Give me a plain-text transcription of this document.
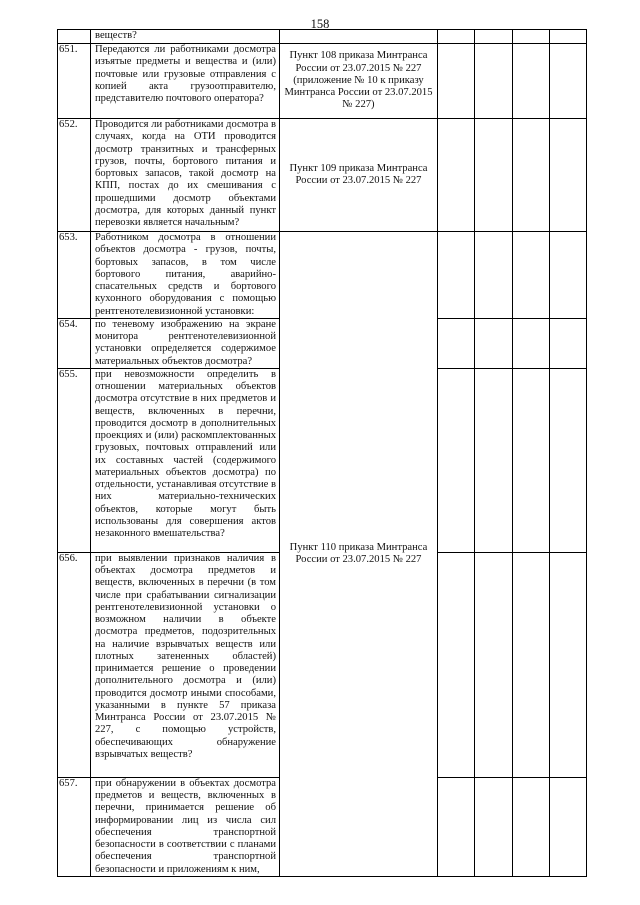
158

	веществ?					

651.	Передаются ли работниками досмотра изъятые предметы и вещества и (или) почтовые или грузовые отправления с копией акта грузоотправителю, представителю почтового оператора?	Пункт 108 приказа Минтранса России от 23.07.2015 № 227 (приложение № 10 к приказу Минтранса России от 23.07.2015 № 227)				
652.	Проводится ли работниками досмотра в случаях, когда на ОТИ проводится досмотр транзитных и трансферных грузов, почты, бортового питания и бортовых запасов, такой досмотр на КПП, постах до их смешивания с прошедшими досмотр объектами досмотра, для которых данный пункт перевозки является начальным?	Пункт 109 приказа Минтранса России от 23.07.2015 № 227				
653.	Работником досмотра в отношении объектов досмотра - грузов, почты, бортовых запасов, в том числе бортового питания, аварийно-спасательных средств и бортового кухонного оборудования с помощью рентгенотелевизионной установки:	Пункт 110 приказа Минтранса России от 23.07.2015 № 227				
654.	по теневому изображению на экране монитора рентгенотелевизионной установки определяется содержимое материальных объектов досмотра?					

655.	при невозможности определить в отношении материальных объектов досмотра отсутствие в них предметов и веществ, включенных в перечни, проводится досмотр в дополнительных проекциях и (или) раскомплектованных грузовых, почтовых отправлений или их составных частей (содержимого материальных объектов досмотра) по отдельности, устанавливая отсутствие в них материально-технических объектов, которые могут быть использованы для совершения актов незаконного вмешательства?					

656.	при выявлении признаков наличия в объектах досмотра предметов и веществ, включенных в перечни (в том числе при срабатывании сигнализации рентгенотелевизионной установки о возможном наличии в объекте досмотра предметов, подозрительных на наличие взрывчатых веществ или плотных затененных областей) принимается решение о проведении дополнительного досмотра и (или) проводится досмотр иными способами, указанными в пункте 57 приказа Минтранса России от 23.07.2015 № 227, с помощью устройств, обеспечивающих обнаружение взрывчатых веществ?					

657.	при обнаружении в объектах досмотра предметов и веществ, включенных в перечни, принимается решение об информировании лиц из числа сил обеспечения транспортной безопасности в соответствии с планами обеспечения транспортной безопасности и приложениям к ним,					
